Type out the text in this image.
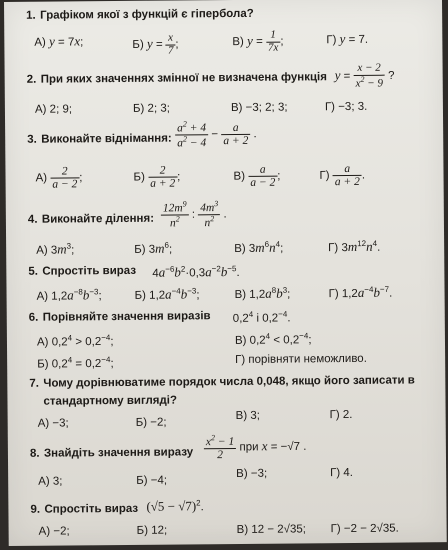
1. Графіком якої з функцій є гіпербола?
А) y = 7x;	Б) $y = \frac{x}{7}$ ;	В) $y = \frac{1}{7x}$ ;	Г) y = 7.
2. При яких значеннях змінної не визначена функція $y = \frac{x - 2}{x^2 - 9}$ ?
А) 2; 9;	Б) 2; 3;	В) −3; 2; 3;	Г) −3; 3.
3. Виконайте віднімання: $\frac{a^2 + 4}{a^2 - 4} - \frac{a}{a + 2}$ .
$А) \frac{2}{a - 2}$ ;	$Б) \frac{2}{a + 2}$ ;	$В) \frac{a}{a - 2}$ ;	$Г) \frac{a}{a + 2}$ .
4. Виконайте ділення: $\frac{12m^9}{n^2}$ : $\frac{4m^3}{n^2}$ .
А) $3m^3$;	Б) $3m^6$;	В) $3m^6n^4$;	Г) $3m^{12}n^4$.
5. Спростіть вираз $4a^{-6}b^2\cdot 0,3a^{-2}b^{-5}$.
А) $1,2a^{-8}b^{-3}$;	Б) $1,2a^{-4}b^{-3}$;	В) $1,2a^8b^3$;	Г) $1,2a^{-4}b^{-7}$.
6. Порівняйте значення виразів $0,2^4$ і $0,2^{-4}$.
А) $0,2^4 > 0,2^{-4}$;	В) $0,2^4 < 0,2^{-4}$;
Б) $0,2^4 = 0,2^{-4}$;	Г) порівняти неможливо.
7. Чому дорівнюватиме порядок числа 0,048, якщо його записати в
стандартному вигляді?
А) −3;	Б) −2;
В) 3;	Г) 2.
8. Знайдіть значення виразу $\frac{x^2 - 1}{2}$ при x = −√7 .
А) 3;	Б) −4;
В) −3;	Г) 4.
9. Спростіть вираз $(√5 - √7)^2$.
А) −2;	Б) 12;	В) 12 − 2√35; Г) −2 − 2√35.
